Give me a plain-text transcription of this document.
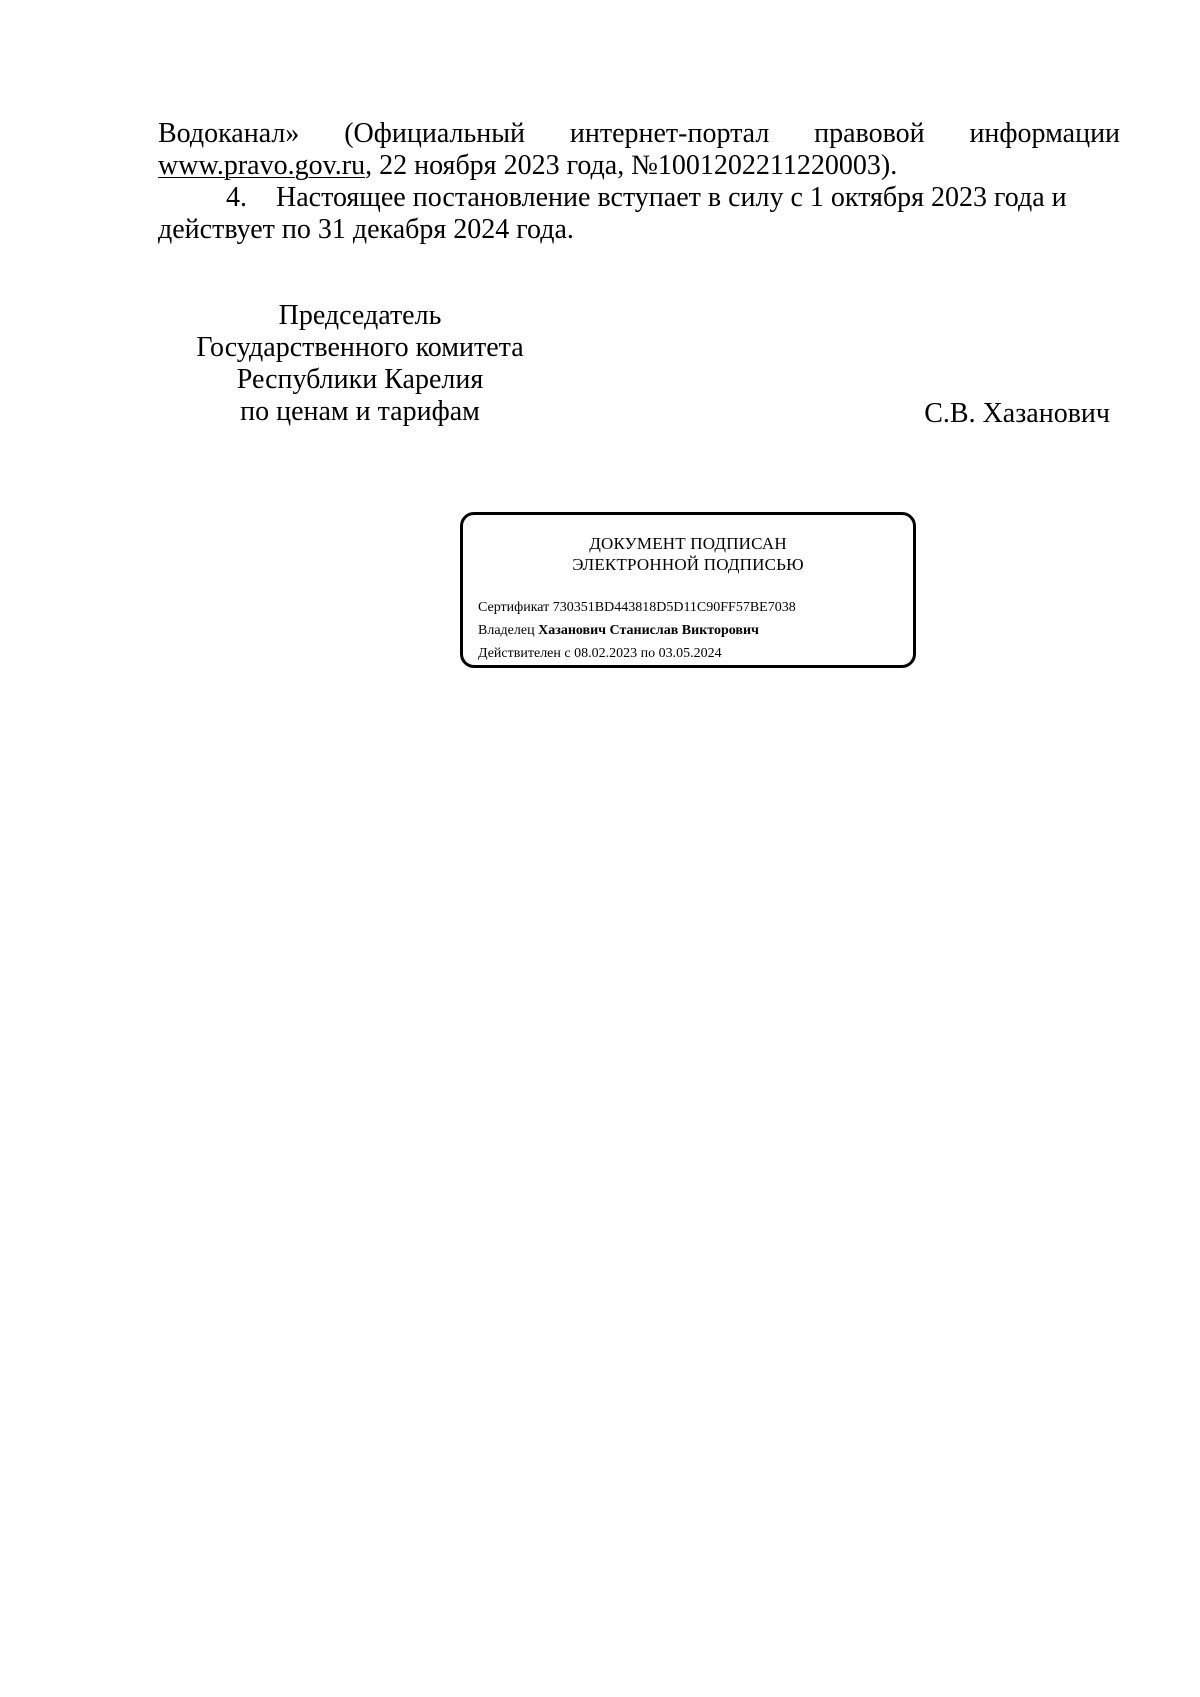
Водоканал» (Официальный интернет-портал правовой информации
www.pravo.gov.ru, 22 ноября 2023 года, №1001202211220003).
4. Настоящее постановление вступает в силу с 1 октября 2023 года и
действует по 31 декабря 2024 года.
Председатель
Государственного комитета
Республики Карелия
по ценам и тарифам	С.В. Хазанович
ДОКУМЕНТ ПОДПИСАН
ЭЛЕКТРОННОЙ ПОДПИСЬЮ
Сертификат 730351BD443818D5D11C90FF57BE7038
Владелец Хазанович Станислав Викторович
Действителен с 08.02.2023 по 03.05.2024
